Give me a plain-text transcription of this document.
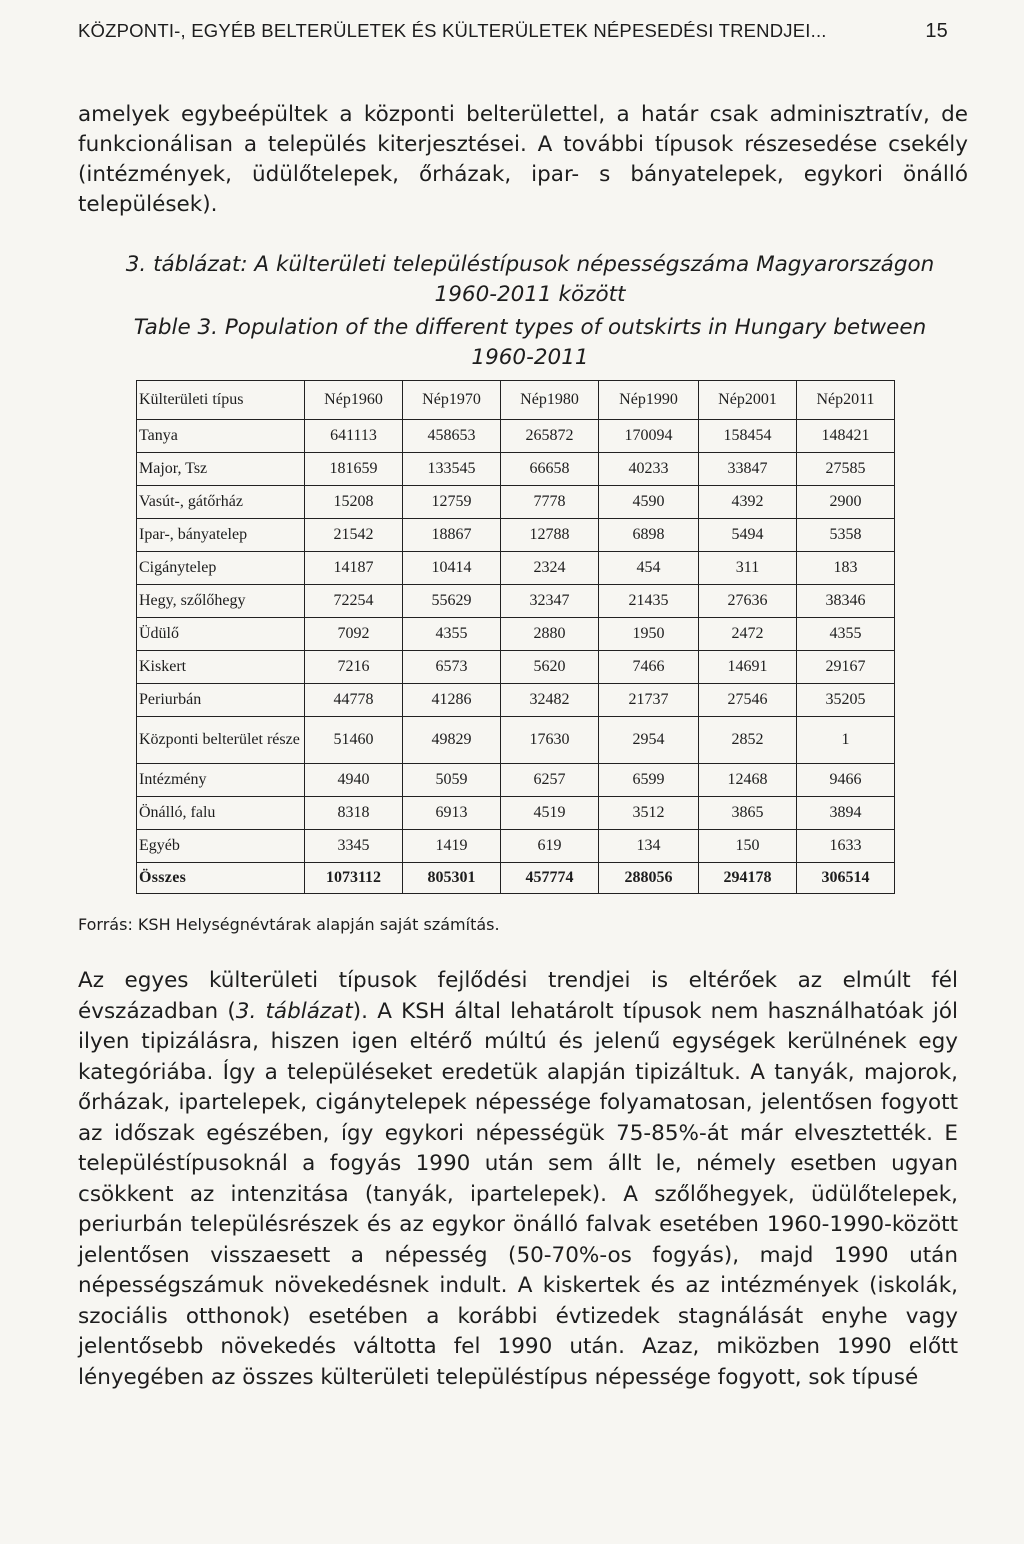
KÖZPONTI-, EGYÉB BELTERÜLETEK ÉS KÜLTERÜLETEK NÉPESEDÉSI TRENDJEI...	15

amelyek egybeépültek a központi belterülettel, a határ csak adminisztratív, de funkcionálisan a település kiterjesztései. A további típusok részesedése csekély (intézmények, üdülőtelepek, őrházak, ipar- s bányatelepek, egykori önálló települések).

3. táblázat: A külterületi településtípusok népességszáma Magyarországon 1960-2011 között

Table 3. Population of the different types of outskirts in Hungary between 1960-2011

Külterületi típus	Nép1960	Nép1970	Nép1980	Nép1990	Nép2001	Nép2011
Tanya	641113	458653	265872	170094	158454	148421
Major, Tsz	181659	133545	66658	40233	33847	27585
Vasút-, gátőrház	15208	12759	7778	4590	4392	2900
Ipar-, bányatelep	21542	18867	12788	6898	5494	5358
Cigánytelep	14187	10414	2324	454	311	183
Hegy, szőlőhegy	72254	55629	32347	21435	27636	38346
Üdülő	7092	4355	2880	1950	2472	4355
Kiskert	7216	6573	5620	7466	14691	29167
Periurbán	44778	41286	32482	21737	27546	35205
Központi belterület része	51460	49829	17630	2954	2852	1
Intézmény	4940	5059	6257	6599	12468	9466
Önálló, falu	8318	6913	4519	3512	3865	3894
Egyéb	3345	1419	619	134	150	1633
Összes	1073112	805301	457774	288056	294178	306514
Forrás: KSH Helységnévtárak alapján saját számítás.

Az egyes külterületi típusok fejlődési trendjei is eltérőek az elmúlt fél évszázadban (3. táblázat). A KSH által lehatárolt típusok nem használhatóak jól ilyen tipizálásra, hiszen igen eltérő múltú és jelenű egységek kerülnének egy kategóriába. Így a településeket eredetük alapján tipizáltuk. A tanyák, majorok, őrházak, ipartelepek, cigánytelepek népessége folyamatosan, jelentősen fogyott az időszak egészében, így egykori népességük 75-85%-át már elvesztették. E településtípusoknál a fogyás 1990 után sem állt le, némely esetben ugyan csökkent az intenzitása (tanyák, ipartelepek). A szőlőhegyek, üdülőtelepek, periurbán településrészek és az egykor önálló falvak esetében 1960-1990-között jelentősen visszaesett a népesség (50-70%-os fogyás), majd 1990 után népességszámuk növekedésnek indult. A kiskertek és az intézmények (iskolák, szociális otthonok) esetében a korábbi évtizedek stagnálását enyhe vagy jelentősebb növekedés váltotta fel 1990 után. Azaz, miközben 1990 előtt lényegében az összes külterületi településtípus népessége fogyott, sok típusé
